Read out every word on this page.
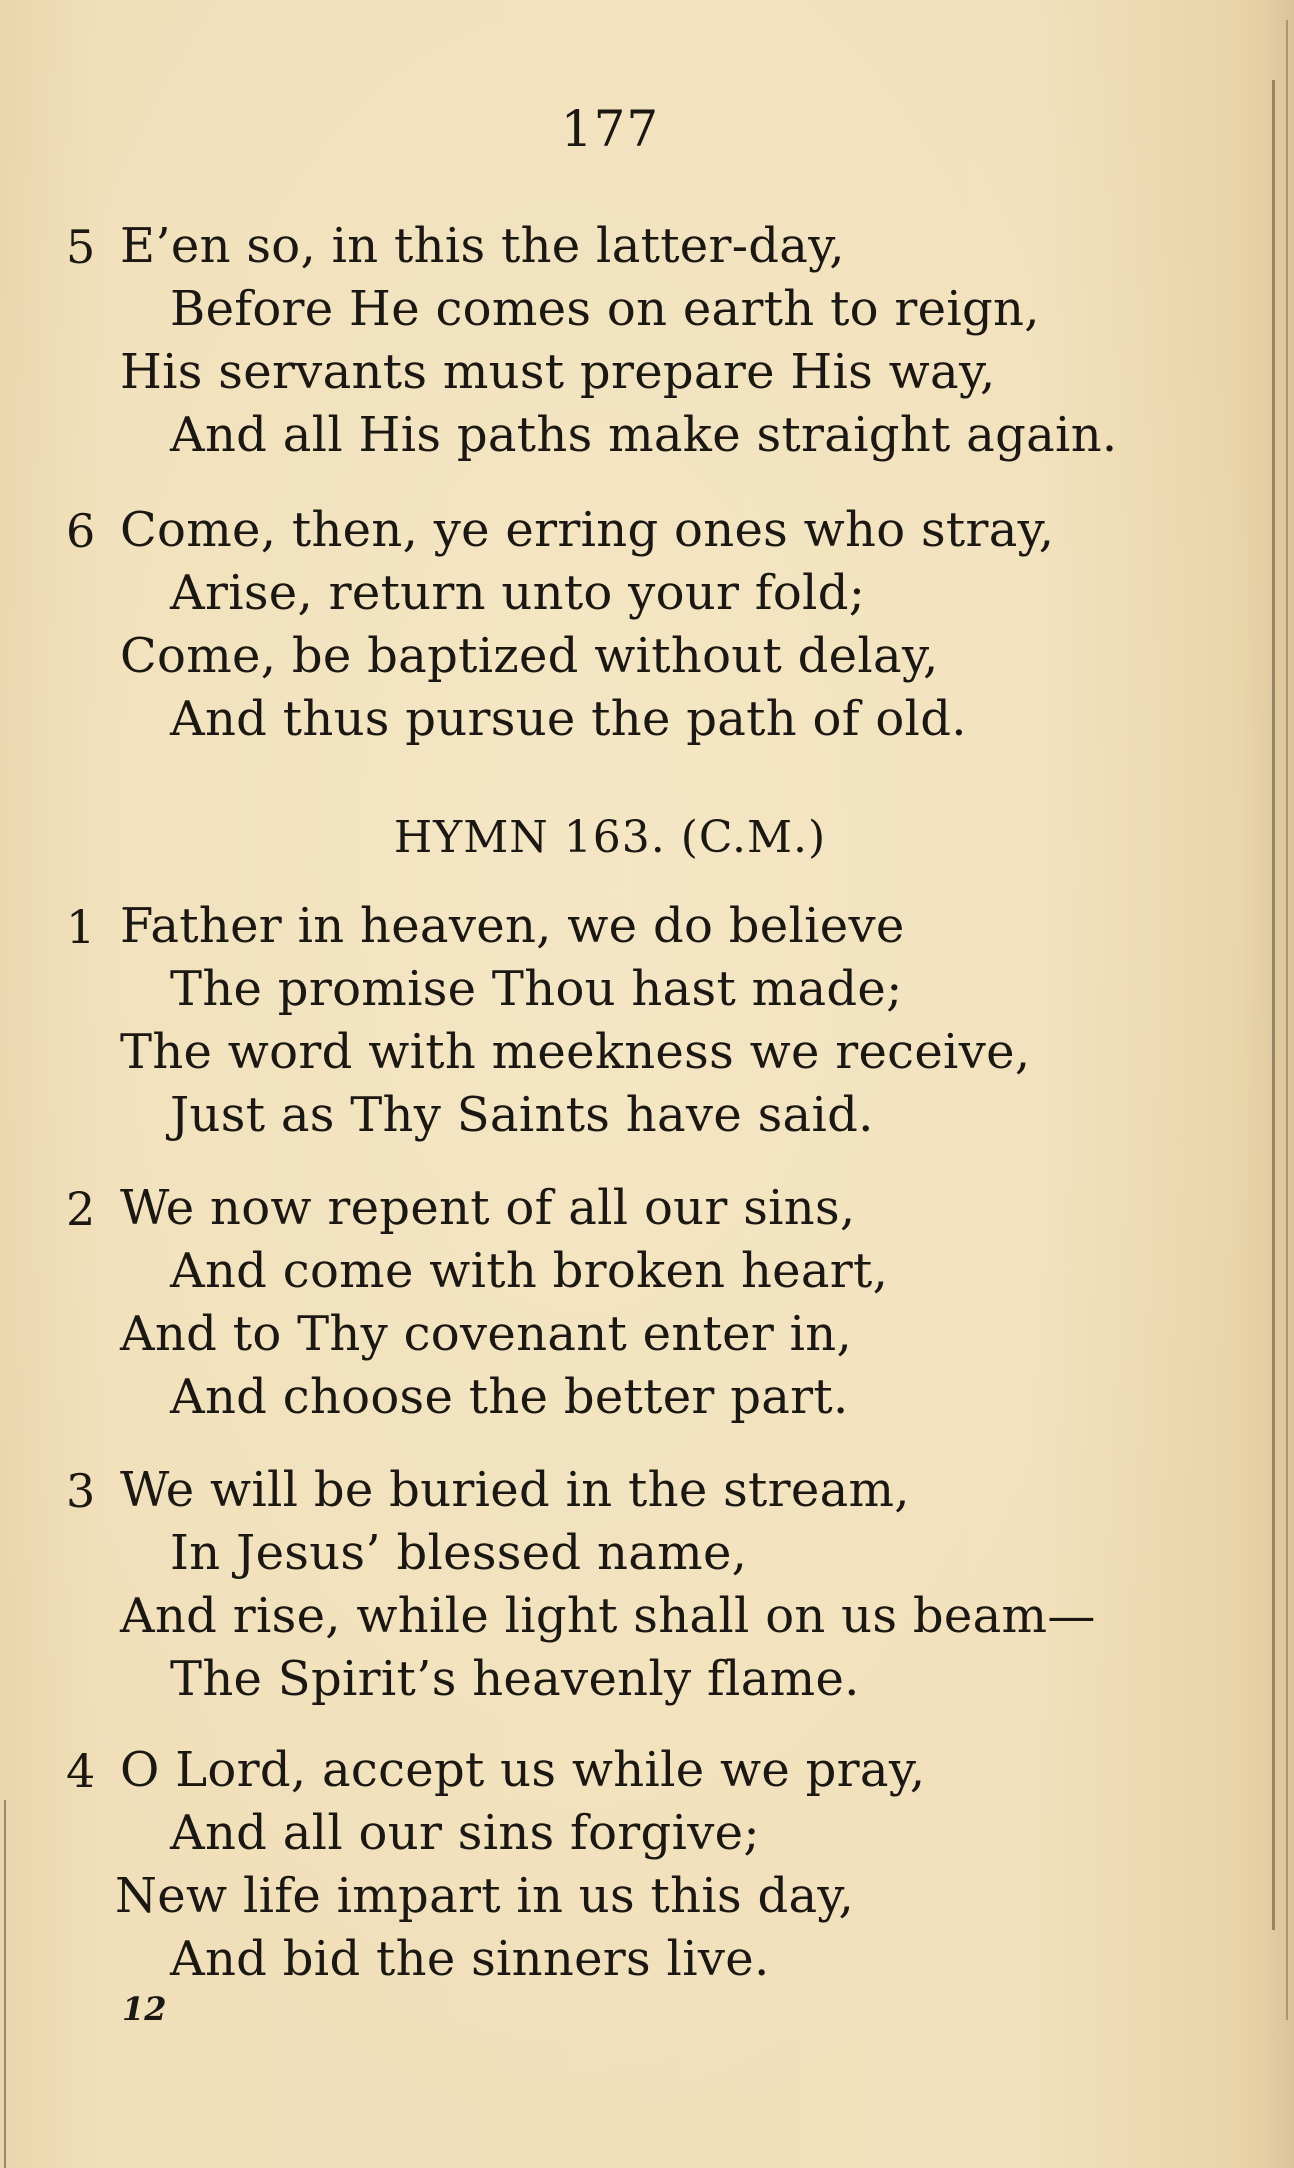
177
5 E’en so, in this the latter-day,
Before He comes on earth to reign,
His servants must prepare His way,
And all His paths make straight again.
6 Come, then, ye erring ones who stray,
Arise, return unto your fold;
Come, be baptized without delay,
And thus pursue the path of old.
HYMN 163. (C.M.)
1 Father in heaven, we do believe
The promise Thou hast made;
The word with meekness we receive,
Just as Thy Saints have said.
2 We now repent of all our sins,
And come with broken heart,
And to Thy covenant enter in,
And choose the better part.
3 We will be buried in the stream,
In Jesus’ blessed name,
And rise, while light shall on us beam—
The Spirit’s heavenly flame.
4 O Lord, accept us while we pray,
And all our sins forgive;
New life impart in us this day,
And bid the sinners live.
12
